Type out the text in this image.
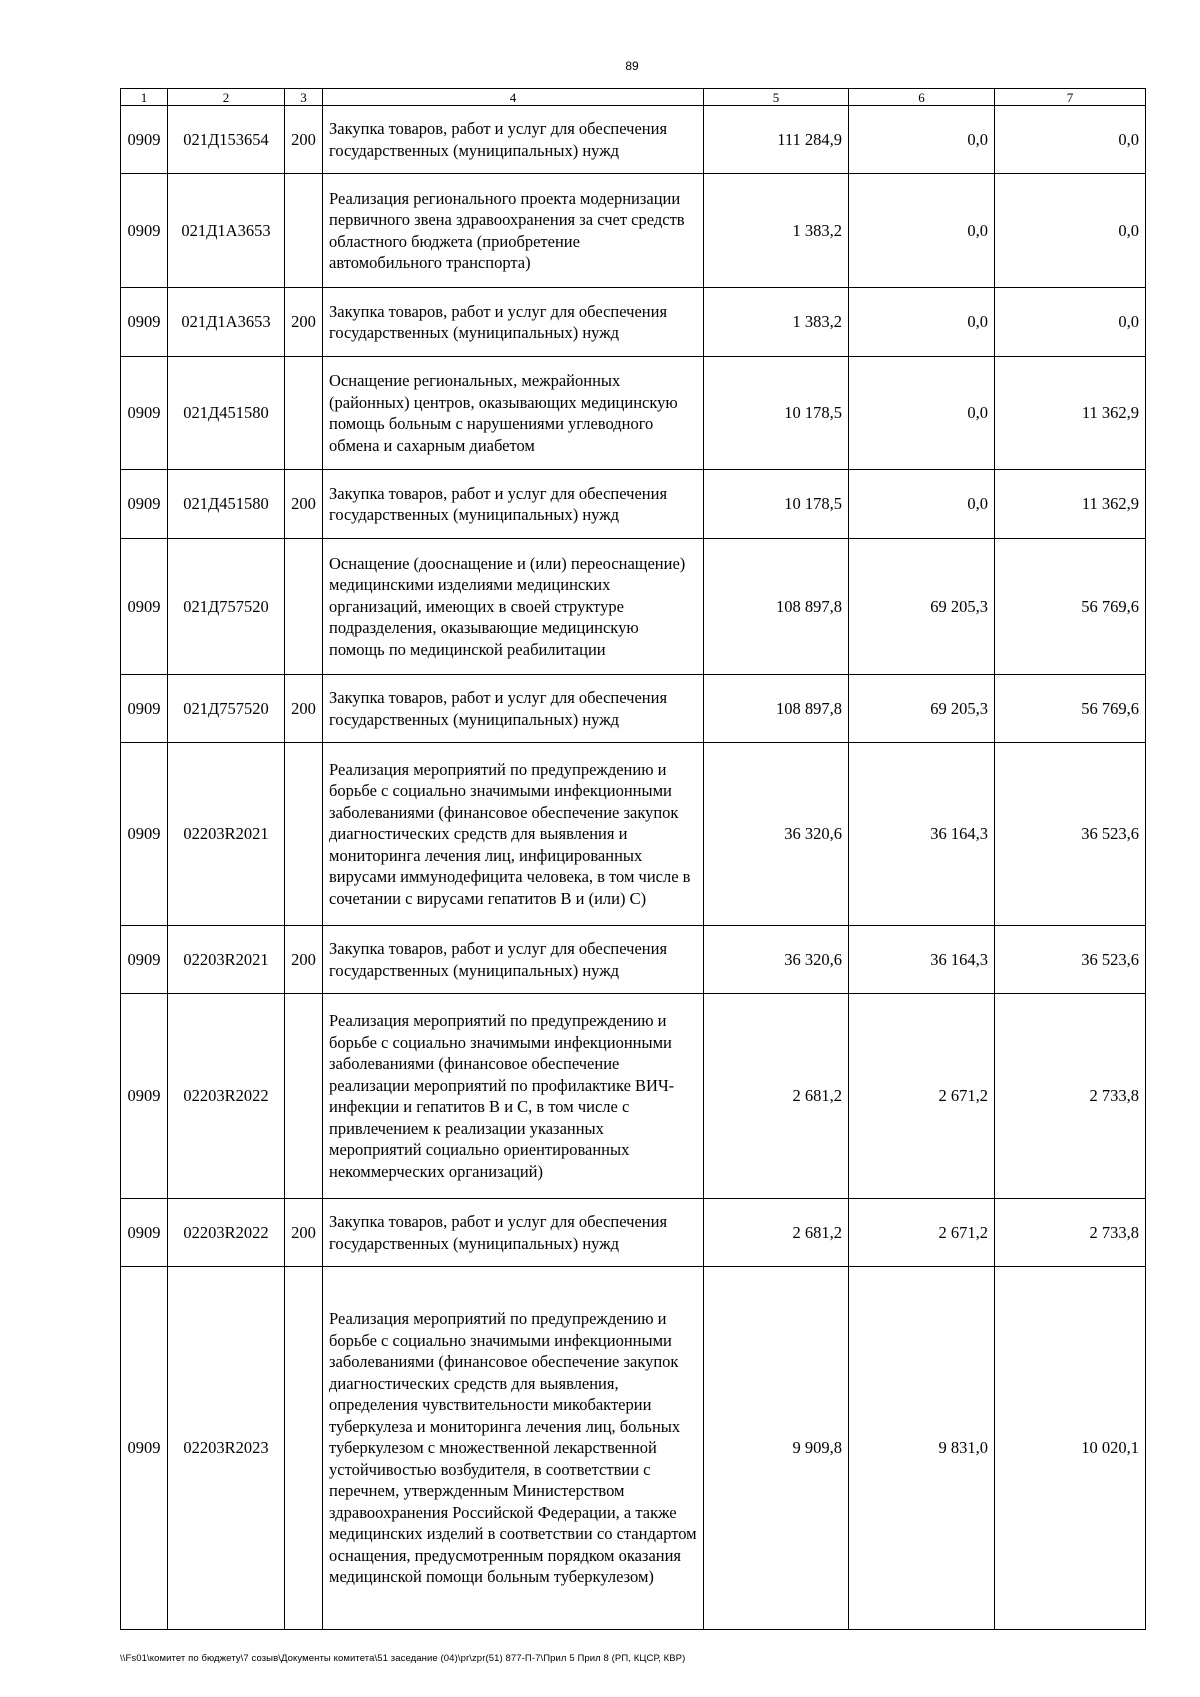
89
1	2	3	4	5	6	7
0909	021Д153654	200	Закупка товаров, работ и услуг для обеспечения государственных (муниципальных) нужд	111 284,9	0,0	0,0
0909	021Д1А3653		Реализация регионального проекта модернизации первичного звена здравоохранения за счет средств областного бюджета (приобретение автомобильного транспорта)	1 383,2	0,0	0,0
0909	021Д1А3653	200	Закупка товаров, работ и услуг для обеспечения государственных (муниципальных) нужд	1 383,2	0,0	0,0
0909	021Д451580		Оснащение региональных, межрайонных (районных) центров, оказывающих медицинскую помощь больным с нарушениями углеводного обмена и сахарным диабетом	10 178,5	0,0	11 362,9
0909	021Д451580	200	Закупка товаров, работ и услуг для обеспечения государственных (муниципальных) нужд	10 178,5	0,0	11 362,9
0909	021Д757520		Оснащение (дооснащение и (или) переоснащение) медицинскими изделиями медицинских организаций, имеющих в своей структуре подразделения, оказывающие медицинскую помощь по медицинской реабилитации	108 897,8	69 205,3	56 769,6
0909	021Д757520	200	Закупка товаров, работ и услуг для обеспечения государственных (муниципальных) нужд	108 897,8	69 205,3	56 769,6
0909	02203R2021		Реализация мероприятий по предупреждению и борьбе с социально значимыми инфекционными заболеваниями (финансовое обеспечение закупок диагностических средств для выявления и мониторинга лечения лиц, инфицированных вирусами иммунодефицита человека, в том числе в сочетании с вирусами гепатитов B и (или) C)	36 320,6	36 164,3	36 523,6
0909	02203R2021	200	Закупка товаров, работ и услуг для обеспечения государственных (муниципальных) нужд	36 320,6	36 164,3	36 523,6
0909	02203R2022		Реализация мероприятий по предупреждению и борьбе с социально значимыми инфекционными заболеваниями (финансовое обеспечение реализации мероприятий по профилактике ВИЧ-инфекции и гепатитов B и C, в том числе с привлечением к реализации указанных мероприятий социально ориентированных некоммерческих организаций)	2 681,2	2 671,2	2 733,8
0909	02203R2022	200	Закупка товаров, работ и услуг для обеспечения государственных (муниципальных) нужд	2 681,2	2 671,2	2 733,8
0909	02203R2023		Реализация мероприятий по предупреждению и борьбе с социально значимыми инфекционными заболеваниями (финансовое обеспечение закупок диагностических средств для выявления, определения чувствительности микобактерии туберкулеза и мониторинга лечения лиц, больных туберкулезом с множественной лекарственной устойчивостью возбудителя, в соответствии с перечнем, утвержденным Министерством здравоохранения Российской Федерации, а также медицинских изделий в соответствии со стандартом оснащения, предусмотренным порядком оказания медицинской помощи больным туберкулезом)	9 909,8	9 831,0	10 020,1
\\Fs01\комитет по бюджету\7 созыв\Документы комитета\51 заседание (04)\pr\zpr(51) 877-П-7\Прил 5 Прил 8 (РП, КЦСР, КВР)
